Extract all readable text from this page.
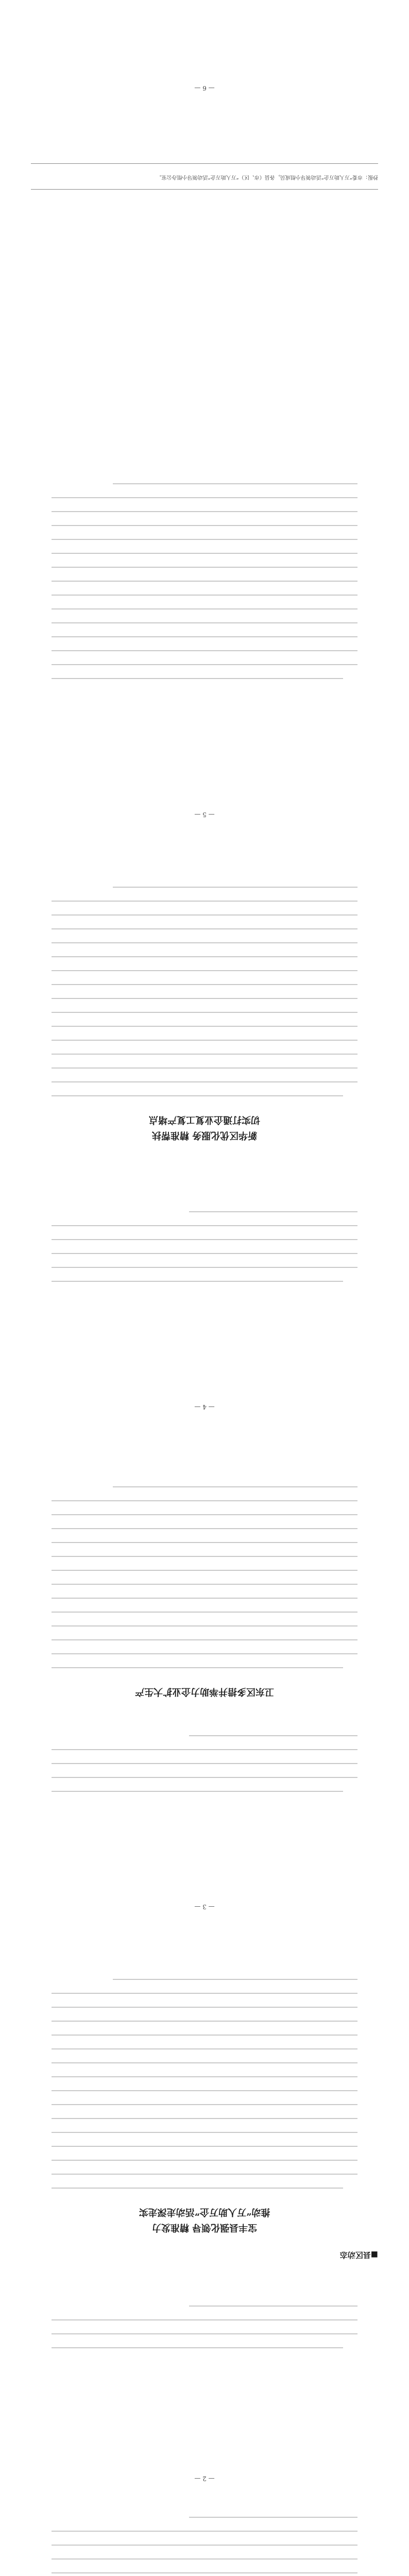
— 2 —
■县区动态
宝丰县强化领导 精准发力
推动“万人助万企”活动走深走实
— 3 —
卫东区多措并举助力企业扩大生产
— 4 —
新华区优化服务 精准帮扶
切实打通企业复工复产堵点
— 5 —
抄报：市委“万人助万企”活动领导小组成员，各县（市、区）“万人助万企”活动领导小组办公室。
— 6 —
